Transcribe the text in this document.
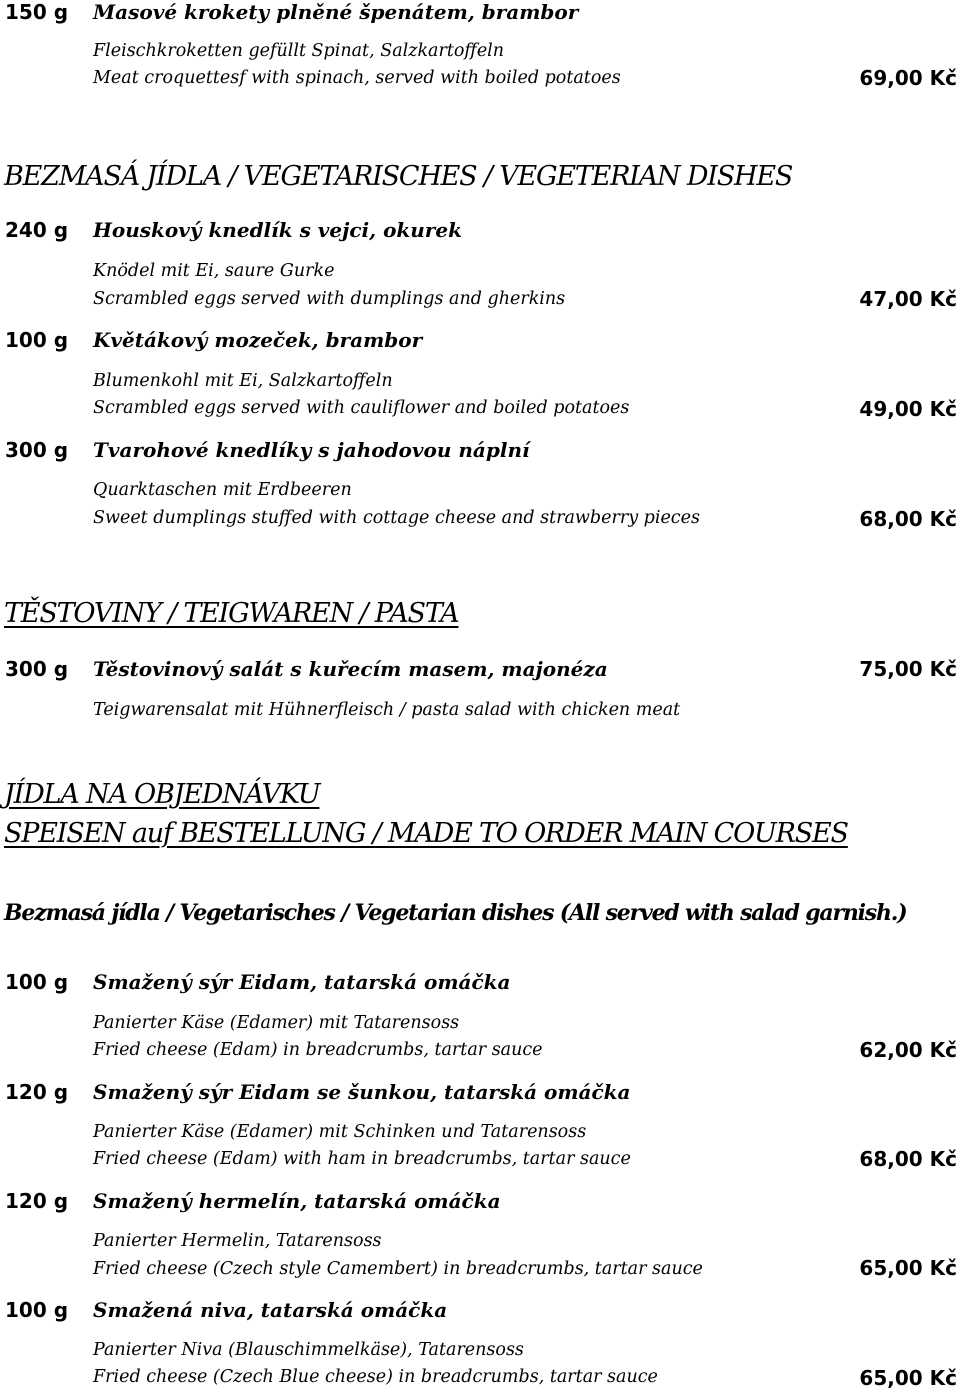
150 g Masové krokety plněné špenátem, brambor
Fleischkroketten gefüllt Spinat, Salzkartoffeln
Meat croquettesf with spinach, served with boiled potatoes	69,00 Kč
BEZMASÁ JÍDLA / VEGETARISCHES / VEGETERIAN DISHES
240 g Houskový knedlík s vejci, okurek
Knödel mit Ei, saure Gurke
Scrambled eggs served with dumplings and gherkins	47,00 Kč
100 g Květákový mozeček, brambor
Blumenkohl mit Ei, Salzkartoffeln
Scrambled eggs served with cauliflower and boiled potatoes	49,00 Kč
300 g Tvarohové knedlíky s jahodovou náplní
Quarktaschen mit Erdbeeren
Sweet dumplings stuffed with cottage cheese and strawberry pieces	68,00 Kč
TĚSTOVINY / TEIGWAREN / PASTA
300 g Těstovinový salát s kuřecím masem, majonéza	75,00 Kč
Teigwarensalat mit Hühnerfleisch / pasta salad with chicken meat
JÍDLA NA OBJEDNÁVKU
SPEISEN auf BESTELLUNG / MADE TO ORDER MAIN COURSES
Bezmasá jídla / Vegetarisches / Vegetarian dishes (All served with salad garnish.)
100 g Smažený sýr Eidam, tatarská omáčka
Panierter Käse (Edamer) mit Tatarensoss
Fried cheese (Edam) in breadcrumbs, tartar sauce	62,00 Kč
120 g Smažený sýr Eidam se šunkou, tatarská omáčka
Panierter Käse (Edamer) mit Schinken und Tatarensoss
Fried cheese (Edam) with ham in breadcrumbs, tartar sauce	68,00 Kč
120 g Smažený hermelín, tatarská omáčka
Panierter Hermelin, Tatarensoss
Fried cheese (Czech style Camembert) in breadcrumbs, tartar sauce	65,00 Kč
100 g Smažená niva, tatarská omáčka
Panierter Niva (Blauschimmelkäse), Tatarensoss
Fried cheese (Czech Blue cheese) in breadcrumbs, tartar sauce	65,00 Kč
